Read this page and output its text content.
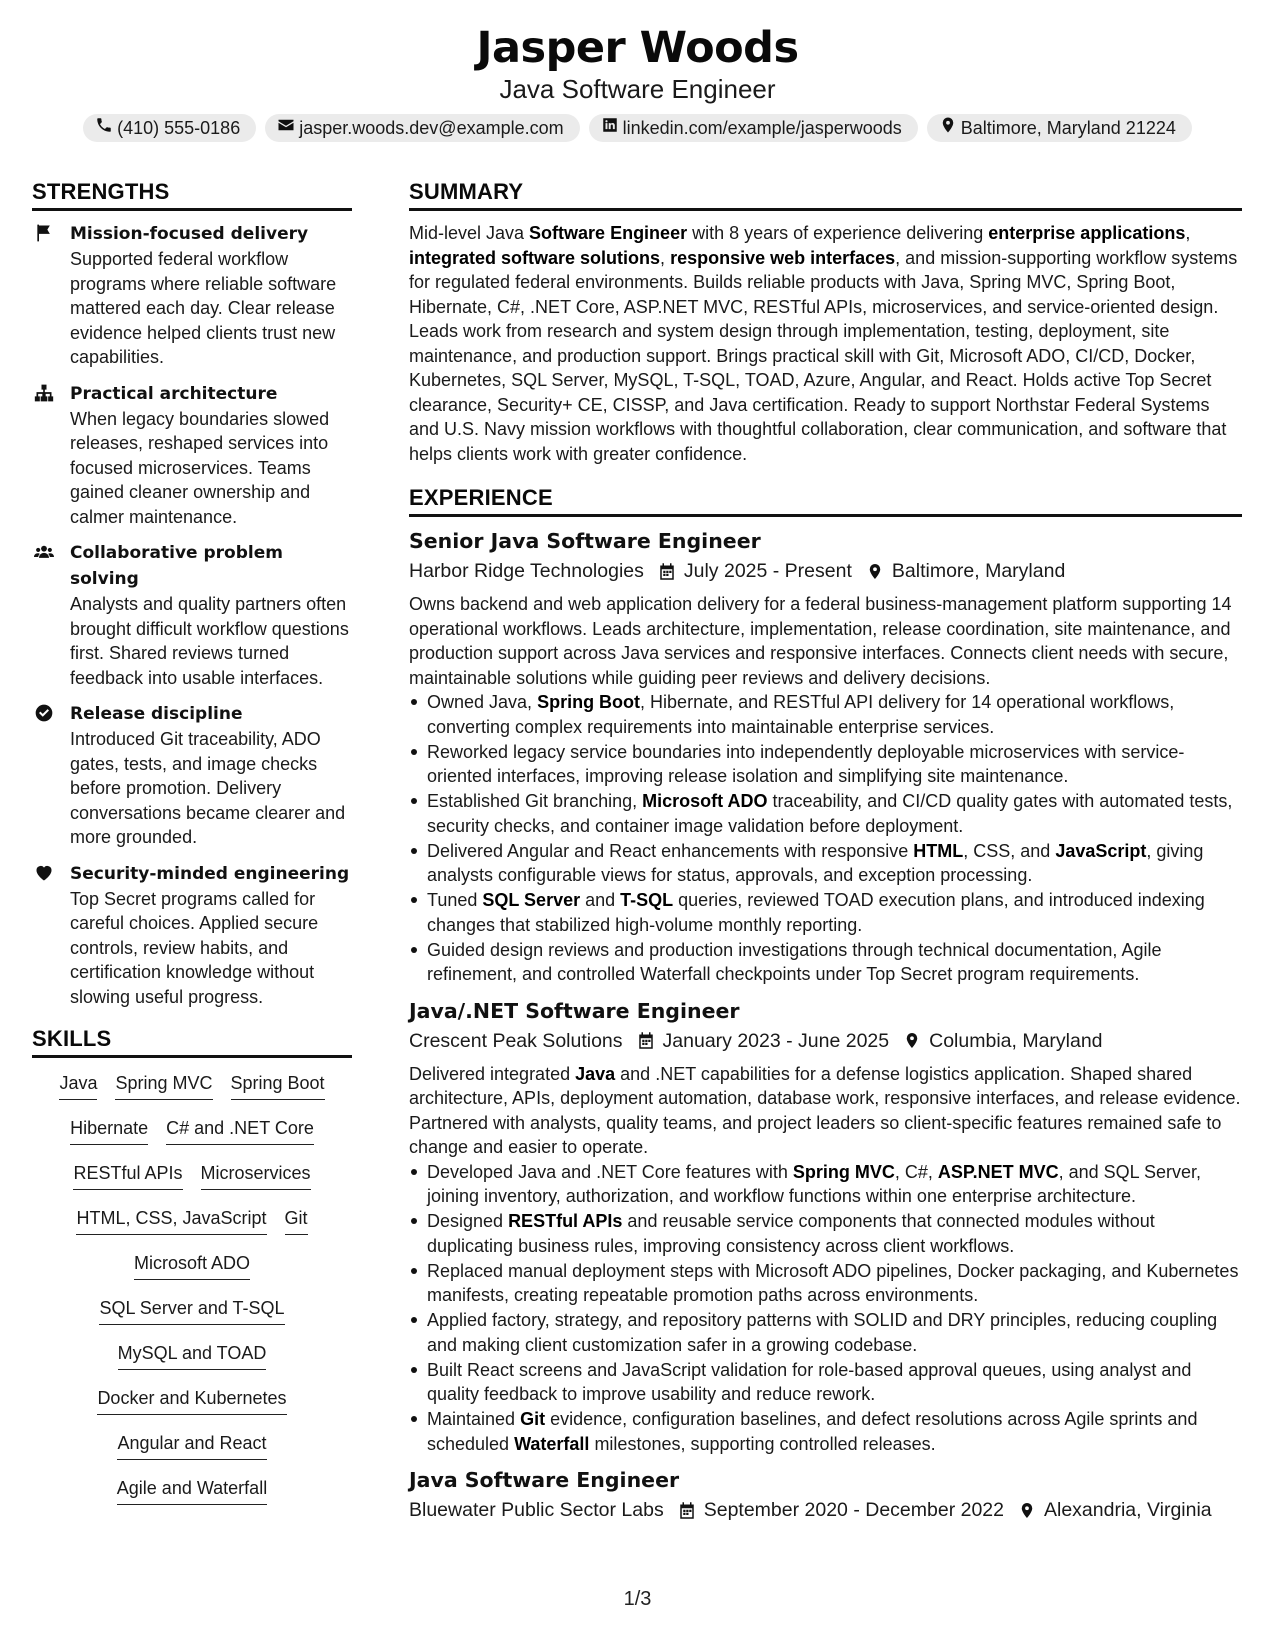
Jasper Woods
Java Software Engineer
(410) 555-0186	jasper.woods.dev@example.com	linkedin.com/example/jasperwoods	Baltimore, Maryland 21224
STRENGTHS
Mission-focused delivery
Supported federal workflow programs where reliable software mattered each day. Clear release evidence helped clients trust new capabilities.
Practical architecture
When legacy boundaries slowed releases, reshaped services into focused microservices. Teams gained cleaner ownership and calmer maintenance.
Collaborative problem solving
Analysts and quality partners often brought difficult workflow questions first. Shared reviews turned feedback into usable interfaces.
Release discipline
Introduced Git traceability, ADO gates, tests, and image checks before promotion. Delivery conversations became clearer and more grounded.
Security-minded engineering
Top Secret programs called for careful choices. Applied secure controls, review habits, and certification knowledge without slowing useful progress.
SKILLS
Java Spring MVC Spring Boot
Hibernate C# and .NET Core
RESTful APIs Microservices
HTML, CSS, JavaScript Git
Microsoft ADO
SQL Server and T-SQL
MySQL and TOAD
Docker and Kubernetes
Angular and React
Agile and Waterfall
SUMMARY
Mid-level Java Software Engineer with 8 years of experience delivering enterprise applications, integrated software solutions, responsive web interfaces, and mission-supporting workflow systems for regulated federal environments. Builds reliable products with Java, Spring MVC, Spring Boot, Hibernate, C#, .NET Core, ASP.NET MVC, RESTful APIs, microservices, and service-oriented design. Leads work from research and system design through implementation, testing, deployment, site maintenance, and production support. Brings practical skill with Git, Microsoft ADO, CI/CD, Docker, Kubernetes, SQL Server, MySQL, T-SQL, TOAD, Azure, Angular, and React. Holds active Top Secret clearance, Security+ CE, CISSP, and Java certification. Ready to support Northstar Federal Systems and U.S. Navy mission workflows with thoughtful collaboration, clear communication, and software that helps clients work with greater confidence.
EXPERIENCE
Senior Java Software Engineer
Harbor Ridge Technologies July 2025 - Present Baltimore, Maryland
Owns backend and web application delivery for a federal business-management platform supporting 14 operational workflows. Leads architecture, implementation, release coordination, site maintenance, and production support across Java services and responsive interfaces. Connects client needs with secure, maintainable solutions while guiding peer reviews and delivery decisions.
Owned Java, Spring Boot, Hibernate, and RESTful API delivery for 14 operational workflows, converting complex requirements into maintainable enterprise services.
Reworked legacy service boundaries into independently deployable microservices with service-oriented interfaces, improving release isolation and simplifying site maintenance.
Established Git branching, Microsoft ADO traceability, and CI/CD quality gates with automated tests, security checks, and container image validation before deployment.
Delivered Angular and React enhancements with responsive HTML, CSS, and JavaScript, giving analysts configurable views for status, approvals, and exception processing.
Tuned SQL Server and T-SQL queries, reviewed TOAD execution plans, and introduced indexing changes that stabilized high-volume monthly reporting.
Guided design reviews and production investigations through technical documentation, Agile refinement, and controlled Waterfall checkpoints under Top Secret program requirements.
Java/.NET Software Engineer
Crescent Peak Solutions January 2023 - June 2025 Columbia, Maryland
Delivered integrated Java and .NET capabilities for a defense logistics application. Shaped shared architecture, APIs, deployment automation, database work, responsive interfaces, and release evidence. Partnered with analysts, quality teams, and project leaders so client-specific features remained safe to change and easier to operate.
Developed Java and .NET Core features with Spring MVC, C#, ASP.NET MVC, and SQL Server, joining inventory, authorization, and workflow functions within one enterprise architecture.
Designed RESTful APIs and reusable service components that connected modules without duplicating business rules, improving consistency across client workflows.
Replaced manual deployment steps with Microsoft ADO pipelines, Docker packaging, and Kubernetes manifests, creating repeatable promotion paths across environments.
Applied factory, strategy, and repository patterns with SOLID and DRY principles, reducing coupling and making client customization safer in a growing codebase.
Built React screens and JavaScript validation for role-based approval queues, using analyst and quality feedback to improve usability and reduce rework.
Maintained Git evidence, configuration baselines, and defect resolutions across Agile sprints and scheduled Waterfall milestones, supporting controlled releases.
Java Software Engineer
Bluewater Public Sector Labs September 2020 - December 2022 Alexandria, Virginia
1/3
